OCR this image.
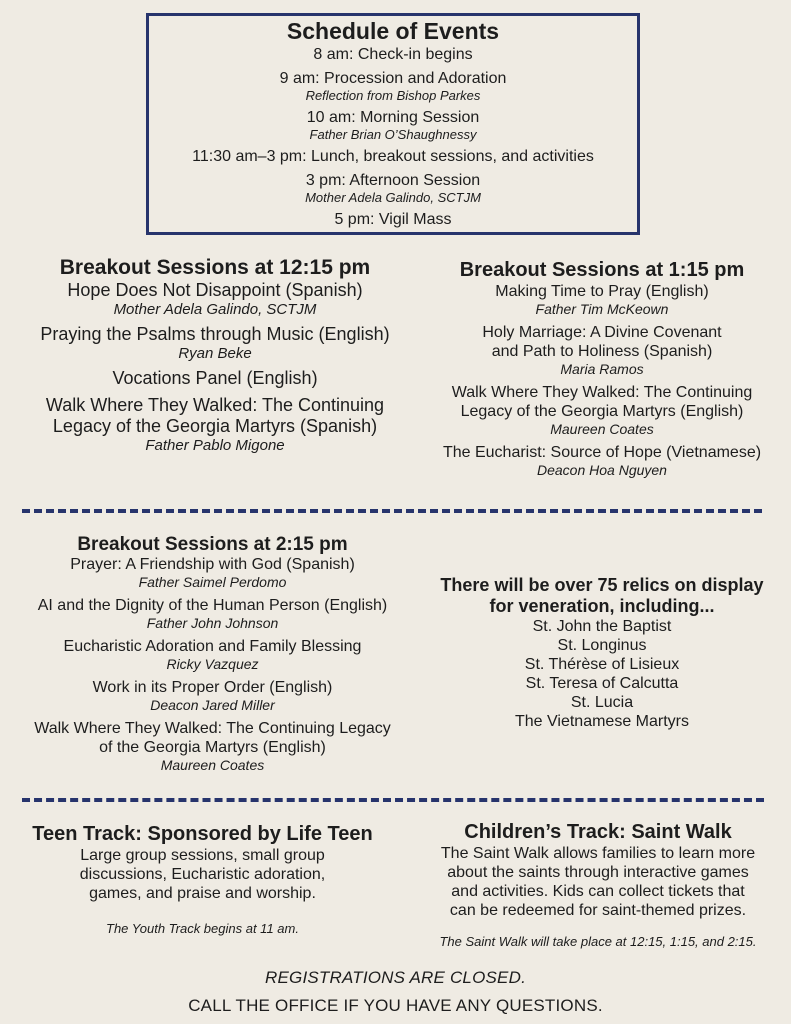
Schedule of Events
8 am: Check-in begins
9 am: Procession and Adoration
Reflection from Bishop Parkes
10 am: Morning Session
Father Brian O’Shaughnessy
11:30 am–3 pm: Lunch, breakout sessions, and activities
3 pm: Afternoon Session
Mother Adela Galindo, SCTJM
5 pm: Vigil Mass
Breakout Sessions at 12:15 pm
Hope Does Not Disappoint (Spanish)
Mother Adela Galindo, SCTJM
Praying the Psalms through Music (English)
Ryan Beke
Vocations Panel (English)
Walk Where They Walked: The Continuing
Legacy of the Georgia Martyrs (Spanish)
Father Pablo Migone
Breakout Sessions at 1:15 pm
Making Time to Pray (English)
Father Tim McKeown
Holy Marriage: A Divine Covenant
and Path to Holiness (Spanish)
Maria Ramos
Walk Where They Walked: The Continuing
Legacy of the Georgia Martyrs (English)
Maureen Coates
The Eucharist: Source of Hope (Vietnamese)
Deacon Hoa Nguyen
Breakout Sessions at 2:15 pm
Prayer: A Friendship with God (Spanish)
Father Saimel Perdomo
AI and the Dignity of the Human Person (English)
Father John Johnson
Eucharistic Adoration and Family Blessing
Ricky Vazquez
Work in its Proper Order (English)
Deacon Jared Miller
Walk Where They Walked: The Continuing Legacy
of the Georgia Martyrs (English)
Maureen Coates
There will be over 75 relics on display
for veneration, including...
St. John the Baptist
St. Longinus
St. Thérèse of Lisieux
St. Teresa of Calcutta
St. Lucia
The Vietnamese Martyrs
Teen Track: Sponsored by Life Teen
Large group sessions, small group
discussions, Eucharistic adoration,
games, and praise and worship.
The Youth Track begins at 11 am.
Children’s Track: Saint Walk
The Saint Walk allows families to learn more
about the saints through interactive games
and activities. Kids can collect tickets that
can be redeemed for saint-themed prizes.
The Saint Walk will take place at 12:15, 1:15, and 2:15.
REGISTRATIONS ARE CLOSED.
CALL THE OFFICE IF YOU HAVE ANY QUESTIONS.
